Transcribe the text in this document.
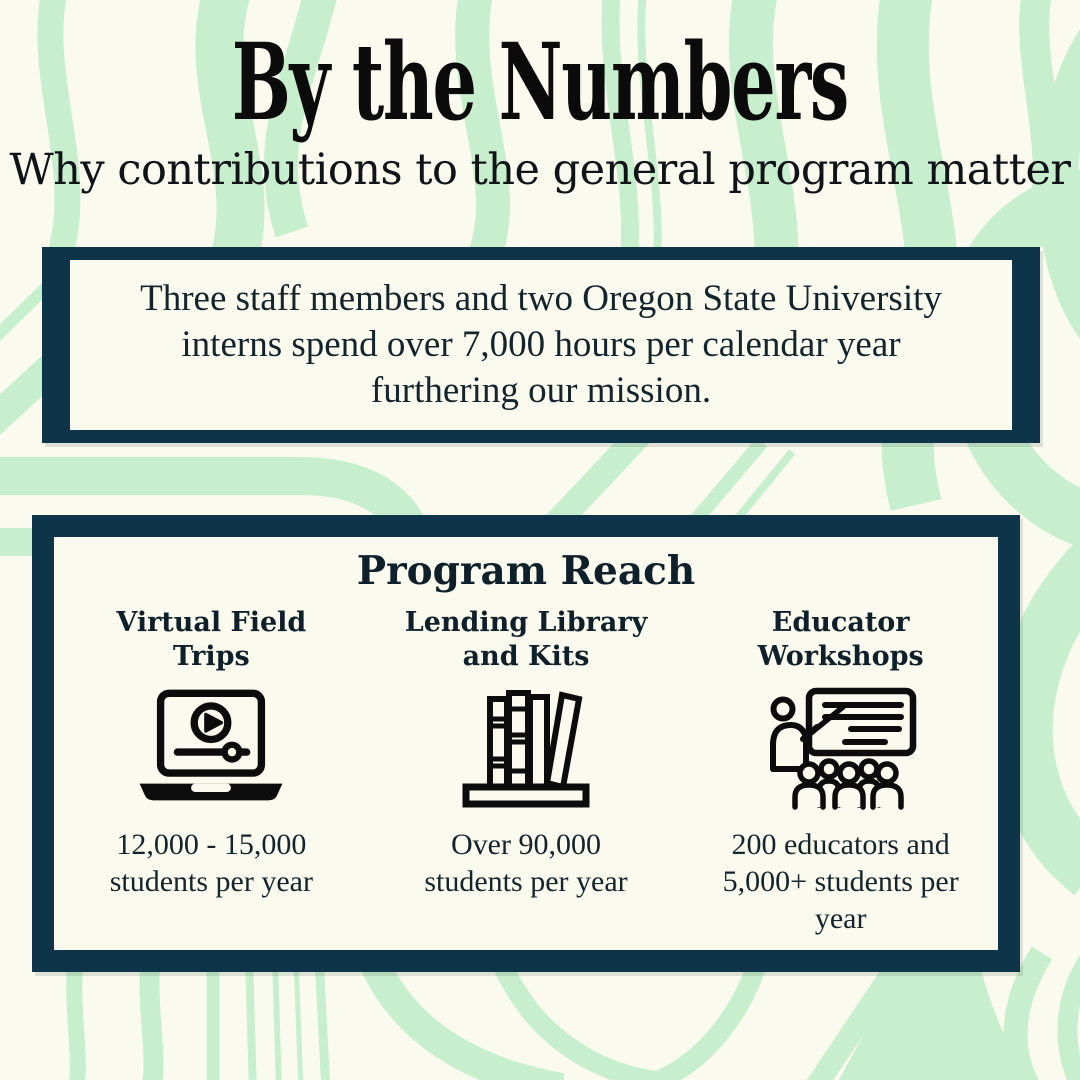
By the Numbers
Why contributions to the general program matter

Three staff members and two Oregon State University interns spend over 7,000 hours per calendar year furthering our mission.

Program Reach
Virtual Field Trips
12,000 - 15,000 students per year
Lending Library and Kits
Over 90,000 students per year
Educator Workshops
200 educators and 5,000+ students per year
